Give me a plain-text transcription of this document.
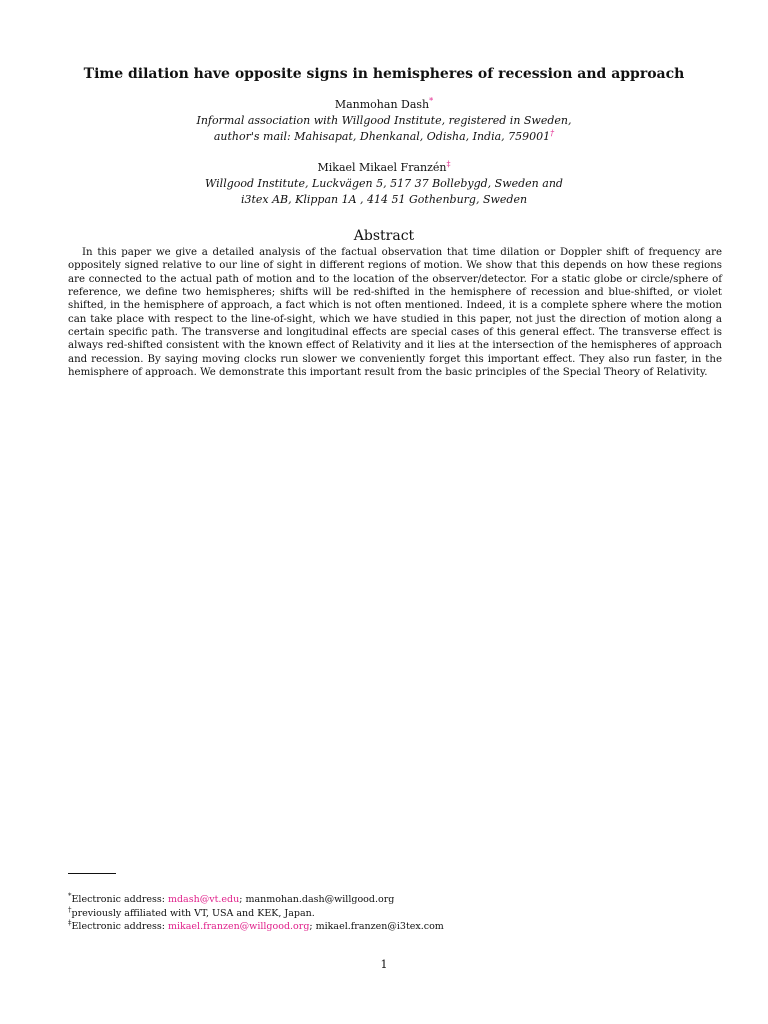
Time dilation have opposite signs in hemispheres of recession and approach
Manmohan Dash*
Informal association with Willgood Institute, registered in Sweden,
author's mail: Mahisapat, Dhenkanal, Odisha, India, 759001†
Mikael Mikael Franzén‡
Willgood Institute, Luckvägen 5, 517 37 Bollebygd, Sweden and
i3tex AB, Klippan 1A , 414 51 Gothenburg, Sweden
Abstract
In this paper we give a detailed analysis of the factual observation that time dilation or Doppler shift of frequency are oppositely signed relative to our line of sight in different regions of motion. We show that this depends on how these regions are connected to the actual path of motion and to the location of the observer/detector. For a static globe or circle/sphere of reference, we define two hemispheres; shifts will be red-shifted in the hemisphere of recession and blue-shifted, or violet shifted, in the hemisphere of approach, a fact which is not often mentioned. Indeed, it is a complete sphere where the motion can take place with respect to the line-of-sight, which we have studied in this paper, not just the direction of motion along a certain specific path. The transverse and longitudinal effects are special cases of this general effect. The transverse effect is always red-shifted consistent with the known effect of Relativity and it lies at the intersection of the hemispheres of approach and recession. By saying moving clocks run slower we conveniently forget this important effect. They also run faster, in the hemisphere of approach. We demonstrate this important result from the basic principles of the Special Theory of Relativity.
*Electronic address: mdash@vt.edu; manmohan.dash@willgood.org
†previously affiliated with VT, USA and KEK, Japan.
‡Electronic address: mikael.franzen@willgood.org; mikael.franzen@i3tex.com
1
